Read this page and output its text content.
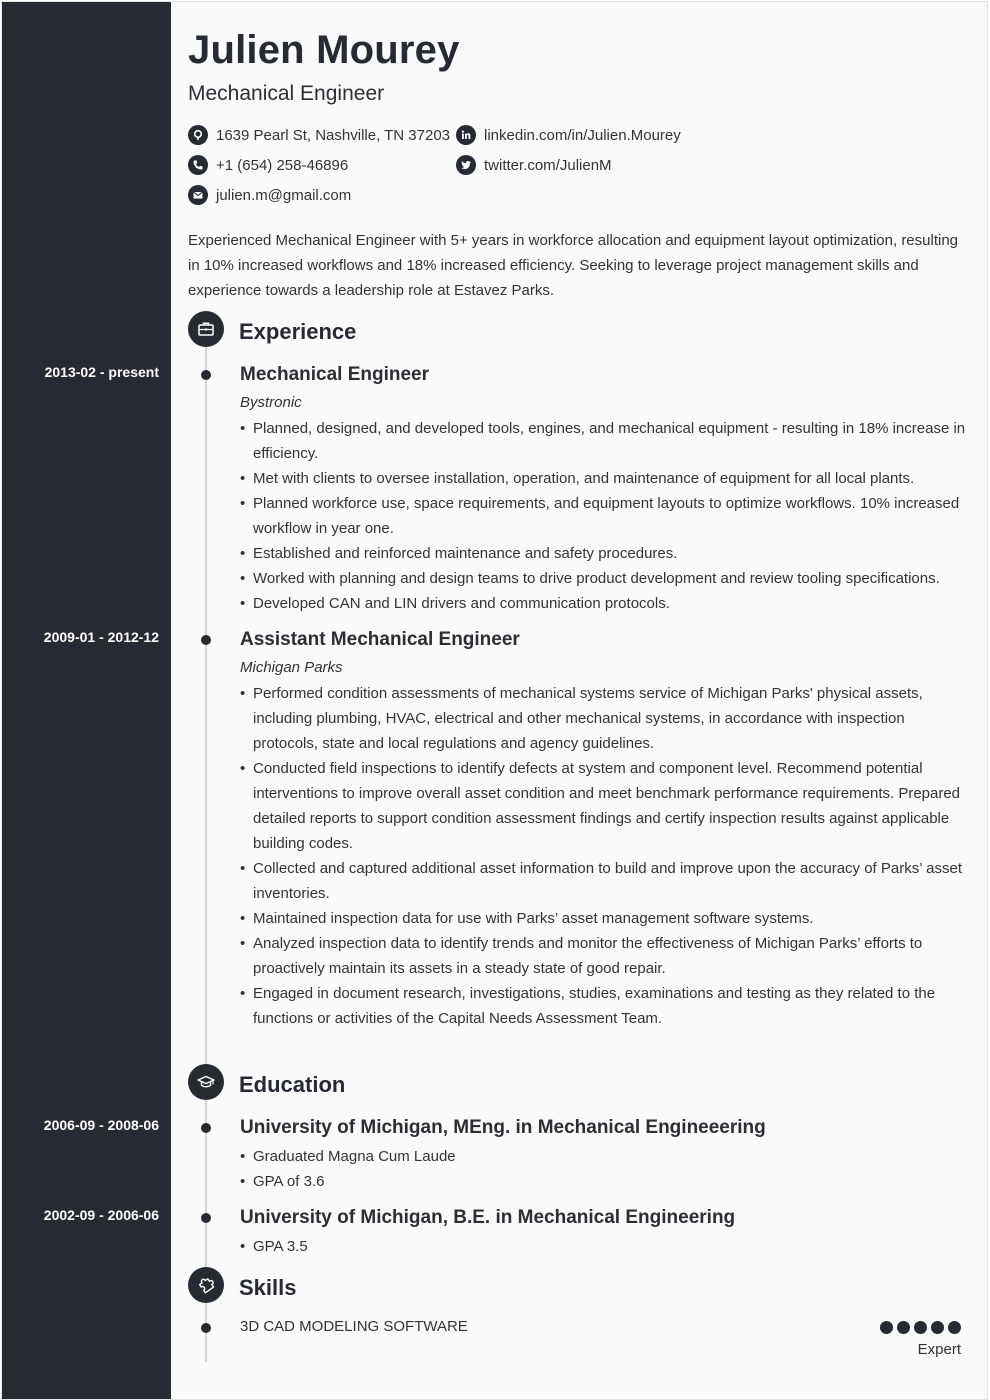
Julien Mourey
Mechanical Engineer
1639 Pearl St, Nashville, TN 37203
+1 (654) 258-46896
julien.m@gmail.com
linkedin.com/in/Julien.Mourey
twitter.com/JulienM
Experienced Mechanical Engineer with 5+ years in workforce allocation and equipment layout optimization, resulting in 10% increased workflows and 18% increased efficiency. Seeking to leverage project management skills and experience towards a leadership role at Estavez Parks.
Experience
2013-02 - present	Mechanical Engineer
Bystronic
• Planned, designed, and developed tools, engines, and mechanical equipment - resulting in 18% increase in efficiency.
• Met with clients to oversee installation, operation, and maintenance of equipment for all local plants.
• Planned workforce use, space requirements, and equipment layouts to optimize workflows. 10% increased workflow in year one.
• Established and reinforced maintenance and safety procedures.
• Worked with planning and design teams to drive product development and review tooling specifications.
• Developed CAN and LIN drivers and communication protocols.
2009-01 - 2012-12	Assistant Mechanical Engineer
Michigan Parks
• Performed condition assessments of mechanical systems service of Michigan Parks' physical assets, including plumbing, HVAC, electrical and other mechanical systems, in accordance with inspection protocols, state and local regulations and agency guidelines.
• Conducted field inspections to identify defects at system and component level. Recommend potential interventions to improve overall asset condition and meet benchmark performance requirements. Prepared detailed reports to support condition assessment findings and certify inspection results against applicable building codes.
• Collected and captured additional asset information to build and improve upon the accuracy of Parks’ asset inventories.
• Maintained inspection data for use with Parks’ asset management software systems.
• Analyzed inspection data to identify trends and monitor the effectiveness of Michigan Parks’ efforts to proactively maintain its assets in a steady state of good repair.
• Engaged in document research, investigations, studies, examinations and testing as they related to the functions or activities of the Capital Needs Assessment Team.
Education
2006-09 - 2008-06	University of Michigan, MEng. in Mechanical Engineeering
• Graduated Magna Cum Laude
• GPA of 3.6
2002-09 - 2006-06	University of Michigan, B.E. in Mechanical Engineering
• GPA 3.5
Skills
3D CAD MODELING SOFTWARE
Expert
